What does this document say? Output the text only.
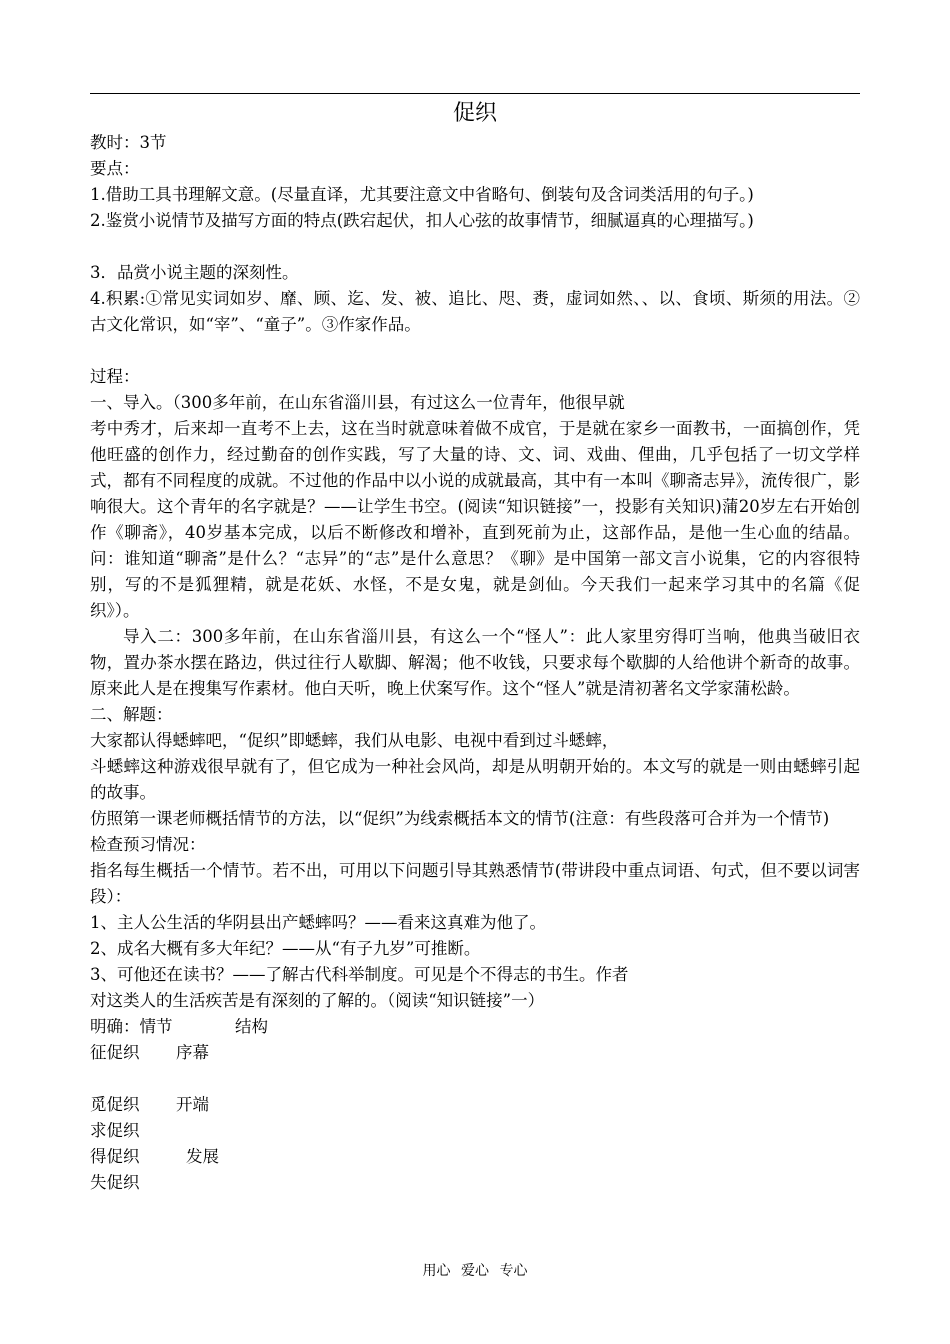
促织

教时：3节

要点：

1.借助工具书理解文意。(尽量直译，尤其要注意文中省略句、倒装句及含词类活用的句子。)

2.鉴赏小说情节及描写方面的特点(跌宕起伏，扣人心弦的故事情节，细腻逼真的心理描写。)

3．品赏小说主题的深刻性。

4.积累:①常见实词如岁、靡、顾、迄、发、被、追比、咫、赉，虚词如然、、以、食顷、斯须的用法。②古文化常识，如“宰”、“童子”。③作家作品。

过程：

一、导入。（300多年前，在山东省淄川县，有过这么一位青年，他很早就

考中秀才，后来却一直考不上去，这在当时就意味着做不成官，于是就在家乡一面教书，一面搞创作，凭他旺盛的创作力，经过勤奋的创作实践，写了大量的诗、文、词、戏曲、俚曲，几乎包括了一切文学样式，都有不同程度的成就。不过他的作品中以小说的成就最高，其中有一本叫《聊斋志异》，流传很广，影响很大。这个青年的名字就是？——让学生书空。(阅读“知识链接”一，投影有关知识)蒲20岁左右开始创作《聊斋》，40岁基本完成，以后不断修改和增补，直到死前为止，这部作品，是他一生心血的结晶。问：谁知道“聊斋”是什么？“志异”的“志”是什么意思？《聊》是中国第一部文言小说集，它的内容很特别，写的不是狐狸精，就是花妖、水怪，不是女鬼，就是剑仙。今天我们一起来学习其中的名篇《促织》）。

导入二：300多年前，在山东省淄川县，有这么一个“怪人”：此人家里穷得叮当响，他典当破旧衣物，置办茶水摆在路边，供过往行人歇脚、解渴；他不收钱，只要求每个歇脚的人给他讲个新奇的故事。原来此人是在搜集写作素材。他白天听，晚上伏案写作。这个“怪人”就是清初著名文学家蒲松龄。

二、解题：

大家都认得蟋蟀吧，“促织”即蟋蟀，我们从电影、电视中看到过斗蟋蟀，

斗蟋蟀这种游戏很早就有了，但它成为一种社会风尚，却是从明朝开始的。本文写的就是一则由蟋蟀引起的故事。

仿照第一课老师概括情节的方法，以“促织”为线索概括本文的情节(注意：有些段落可合并为一个情节)

检查预习情况：

指名每生概括一个情节。若不出，可用以下问题引导其熟悉情节(带讲段中重点词语、句式，但不要以词害段）：

1、主人公生活的华阴县出产蟋蟀吗？——看来这真难为他了。

2、成名大概有多大年纪？——从“有子九岁”可推断。

3、可他还在读书？——了解古代科举制度。可见是个不得志的书生。作者

对这类人的生活疾苦是有深刻的了解的。（阅读“知识链接”一）

明确：情节	结构

征促织	序幕

觅促织	开端

求促织

得促织	发展

失促织

用心 爱心 专心
